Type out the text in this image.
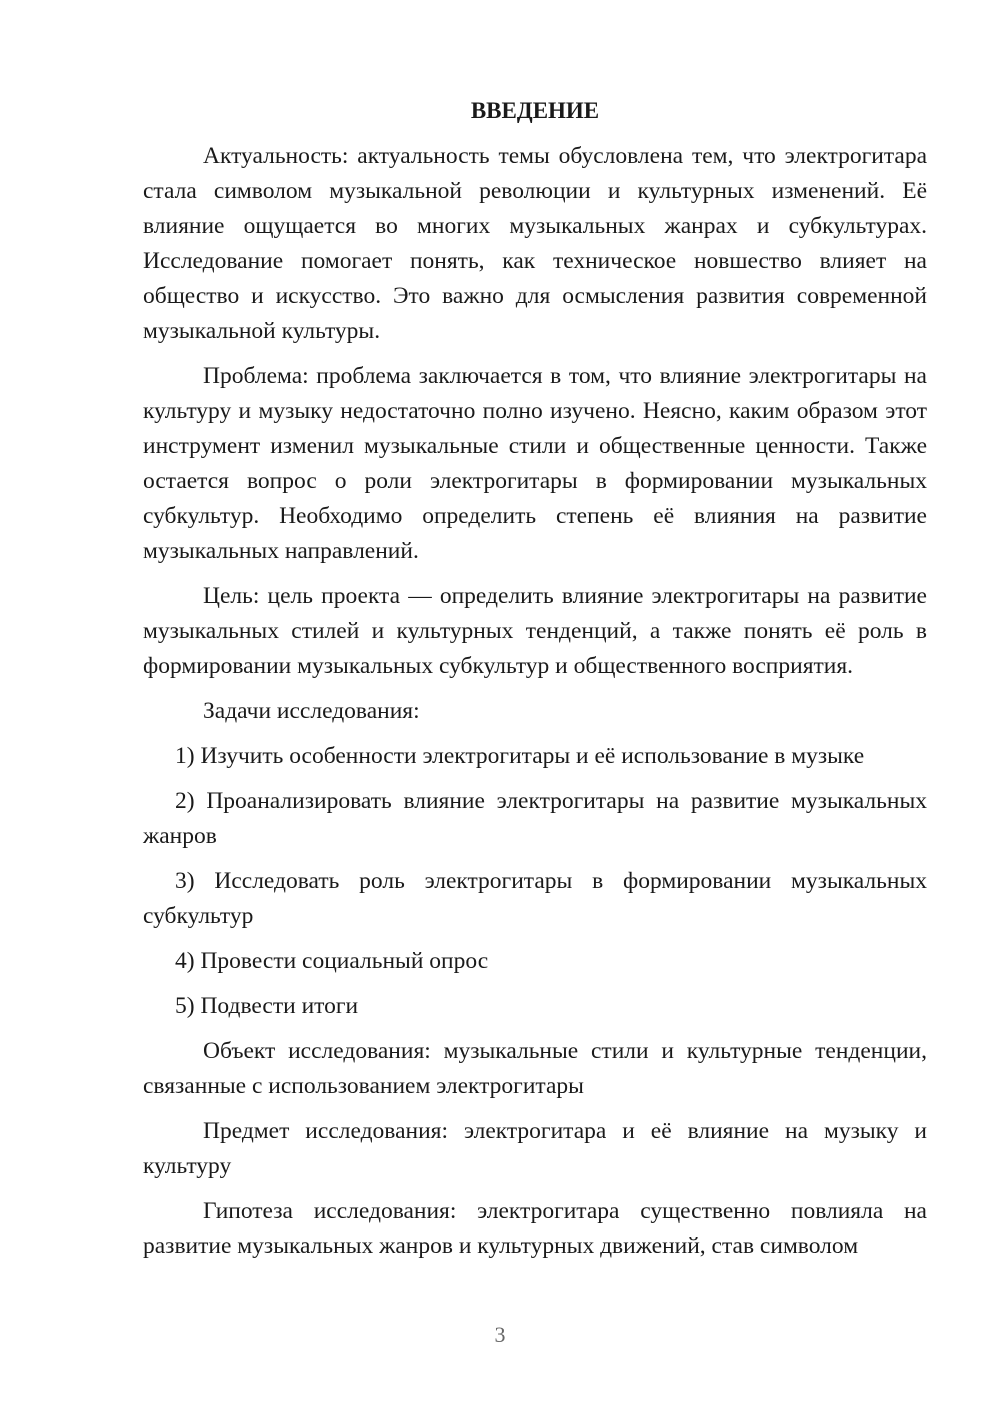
ВВЕДЕНИЕ

Актуальность: актуальность темы обусловлена тем, что электрогитара стала символом музыкальной революции и культурных изменений. Её влияние ощущается во многих музыкальных жанрах и субкультурах. Исследование помогает понять, как техническое новшество влияет на общество и искусство. Это важно для осмысления развития современной музыкальной культуры.

Проблема: проблема заключается в том, что влияние электрогитары на культуру и музыку недостаточно полно изучено. Неясно, каким образом этот инструмент изменил музыкальные стили и общественные ценности. Также остается вопрос о роли электрогитары в формировании музыкальных субкультур. Необходимо определить степень её влияния на развитие музыкальных направлений.

Цель: цель проекта — определить влияние электрогитары на развитие музыкальных стилей и культурных тенденций, а также понять её роль в формировании музыкальных субкультур и общественного восприятия.

Задачи исследования:

1) Изучить особенности электрогитары и её использование в музыке

2) Проанализировать влияние электрогитары на развитие музыкальных жанров

3) Исследовать роль электрогитары в формировании музыкальных субкультур

4) Провести социальный опрос

5) Подвести итоги

Объект исследования: музыкальные стили и культурные тенденции, связанные с использованием электрогитары

Предмет исследования: электрогитара и её влияние на музыку и культуру

Гипотеза исследования: электрогитара существенно повлияла на развитие музыкальных жанров и культурных движений, став символом

3
